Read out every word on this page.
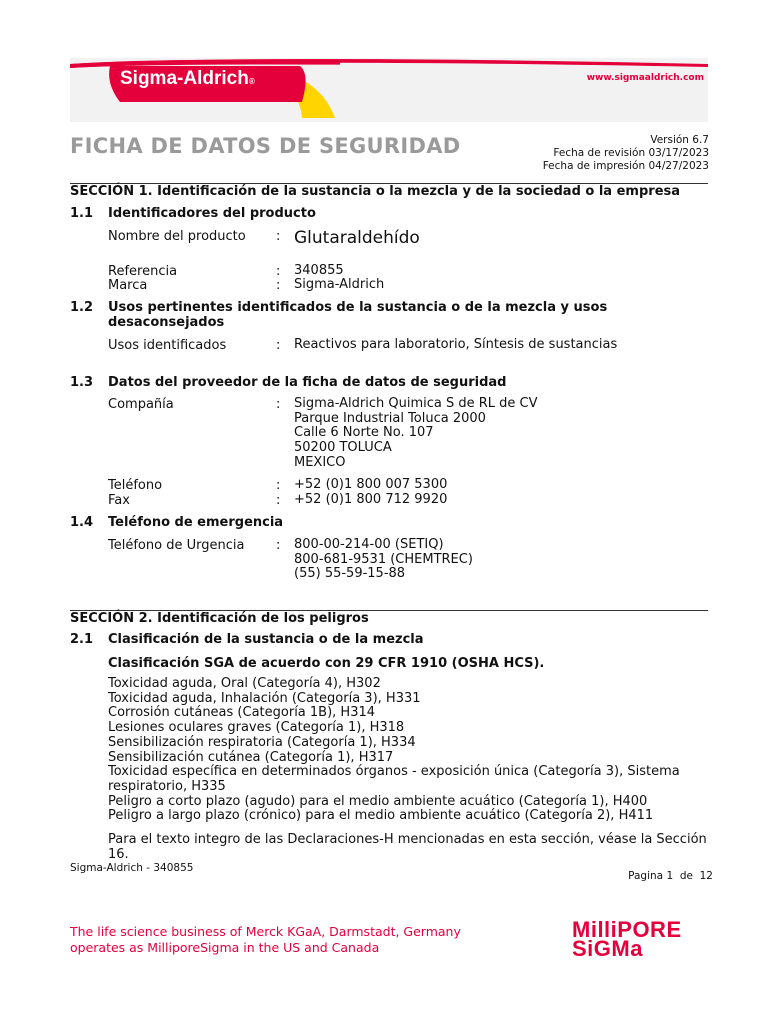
Sigma-Aldrich®	www.sigmaaldrich.com
FICHA DE DATOS DE SEGURIDAD	Versión 6.7
Fecha de revisión 03/17/2023
Fecha de impresión 04/27/2023
SECCIÓN 1. Identificación de la sustancia o la mezcla y de la sociedad o la empresa
1.1 Identificadores del producto
Nombre del producto : Glutaraldehído
Referencia	: 340855
Marca	: Sigma-Aldrich
1.2 Usos pertinentes identificados de la sustancia o de la mezcla y usos desaconsejados
Usos identificados	: Reactivos para laboratorio, Síntesis de sustancias
1.3 Datos del proveedor de la ficha de datos de seguridad
Compañía	: Sigma-Aldrich Quimica S de RL de CV
Parque Industrial Toluca 2000
Calle 6 Norte No. 107
50200 TOLUCA
MEXICO
Teléfono	: +52 (0)1 800 007 5300
Fax	: +52 (0)1 800 712 9920
1.4 Teléfono de emergencia
Teléfono de Urgencia : 800-00-214-00 (SETIQ)
800-681-9531 (CHEMTREC)
(55) 55-59-15-88
SECCIÓN 2. Identificación de los peligros
2.1 Clasificación de la sustancia o de la mezcla
Clasificación SGA de acuerdo con 29 CFR 1910 (OSHA HCS).
Toxicidad aguda, Oral (Categoría 4), H302
Toxicidad aguda, Inhalación (Categoría 3), H331
Corrosión cutáneas (Categoría 1B), H314
Lesiones oculares graves (Categoría 1), H318
Sensibilización respiratoria (Categoría 1), H334
Sensibilización cutánea (Categoría 1), H317
Toxicidad específica en determinados órganos - exposición única (Categoría 3), Sistema
respiratorio, H335
Peligro a corto plazo (agudo) para el medio ambiente acuático (Categoría 1), H400
Peligro a largo plazo (crónico) para el medio ambiente acuático (Categoría 2), H411
Para el texto integro de las Declaraciones-H mencionadas en esta sección, véase la Sección 16.
Sigma-Aldrich - 340855
Pagina 1 de 12
The life science business of Merck KGaA, Darmstadt, Germany
operates as MilliporeSigma in the US and Canada
MilliPORE
SiGMa
